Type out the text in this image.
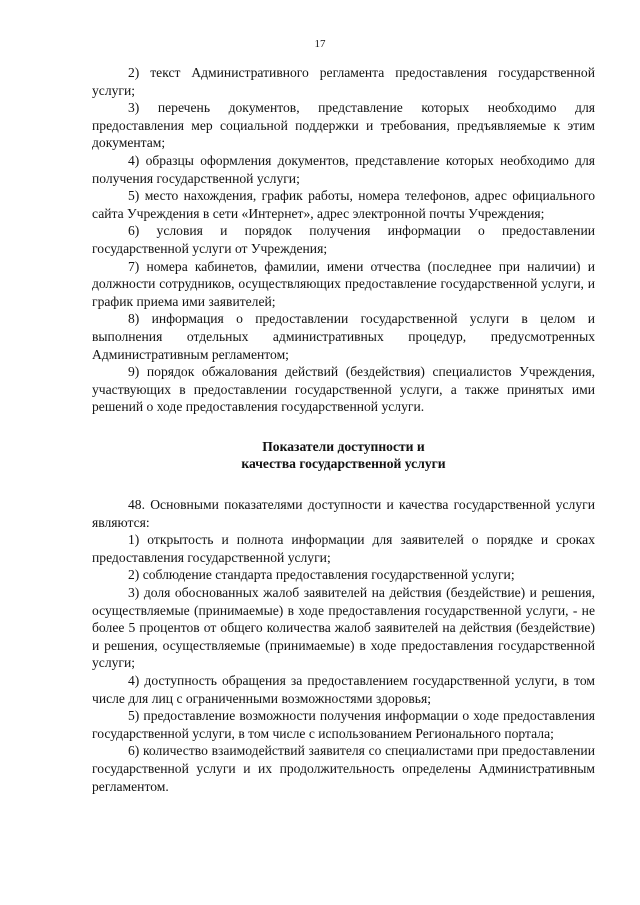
17

2) текст Административного регламента предоставления государственной услуги;

3) перечень документов, представление которых необходимо для предоставления мер социальной поддержки и требования, предъявляемые к этим документам;

4) образцы оформления документов, представление которых необходимо для получения государственной услуги;

5) место нахождения, график работы, номера телефонов, адрес официального сайта Учреждения в сети «Интернет», адрес электронной почты Учреждения;

6) условия и порядок получения информации о предоставлении государственной услуги от Учреждения;

7) номера кабинетов, фамилии, имени отчества (последнее при наличии) и должности сотрудников, осуществляющих предоставление государственной услуги, и график приема ими заявителей;

8) информация о предоставлении государственной услуги в целом и выполнения отдельных административных процедур, предусмотренных Административным регламентом;

9) порядок обжалования действий (бездействия) специалистов Учреждения, участвующих в предоставлении государственной услуги, а также принятых ими решений о ходе предоставления государственной услуги.

Показатели доступности и
качества государственной услуги

48. Основными показателями доступности и качества государственной услуги являются:

1) открытость и полнота информации для заявителей о порядке и сроках предоставления государственной услуги;

2) соблюдение стандарта предоставления государственной услуги;

3) доля обоснованных жалоб заявителей на действия (бездействие) и решения, осуществляемые (принимаемые) в ходе предоставления государственной услуги, - не более 5 процентов от общего количества жалоб заявителей на действия (бездействие) и решения, осуществляемые (принимаемые) в ходе предоставления государственной услуги;

4) доступность обращения за предоставлением государственной услуги, в том числе для лиц с ограниченными возможностями здоровья;

5) предоставление возможности получения информации о ходе предоставления государственной услуги, в том числе с использованием Регионального портала;

6) количество взаимодействий заявителя со специалистами при предоставлении государственной услуги и их продолжительность определены Административным регламентом.
